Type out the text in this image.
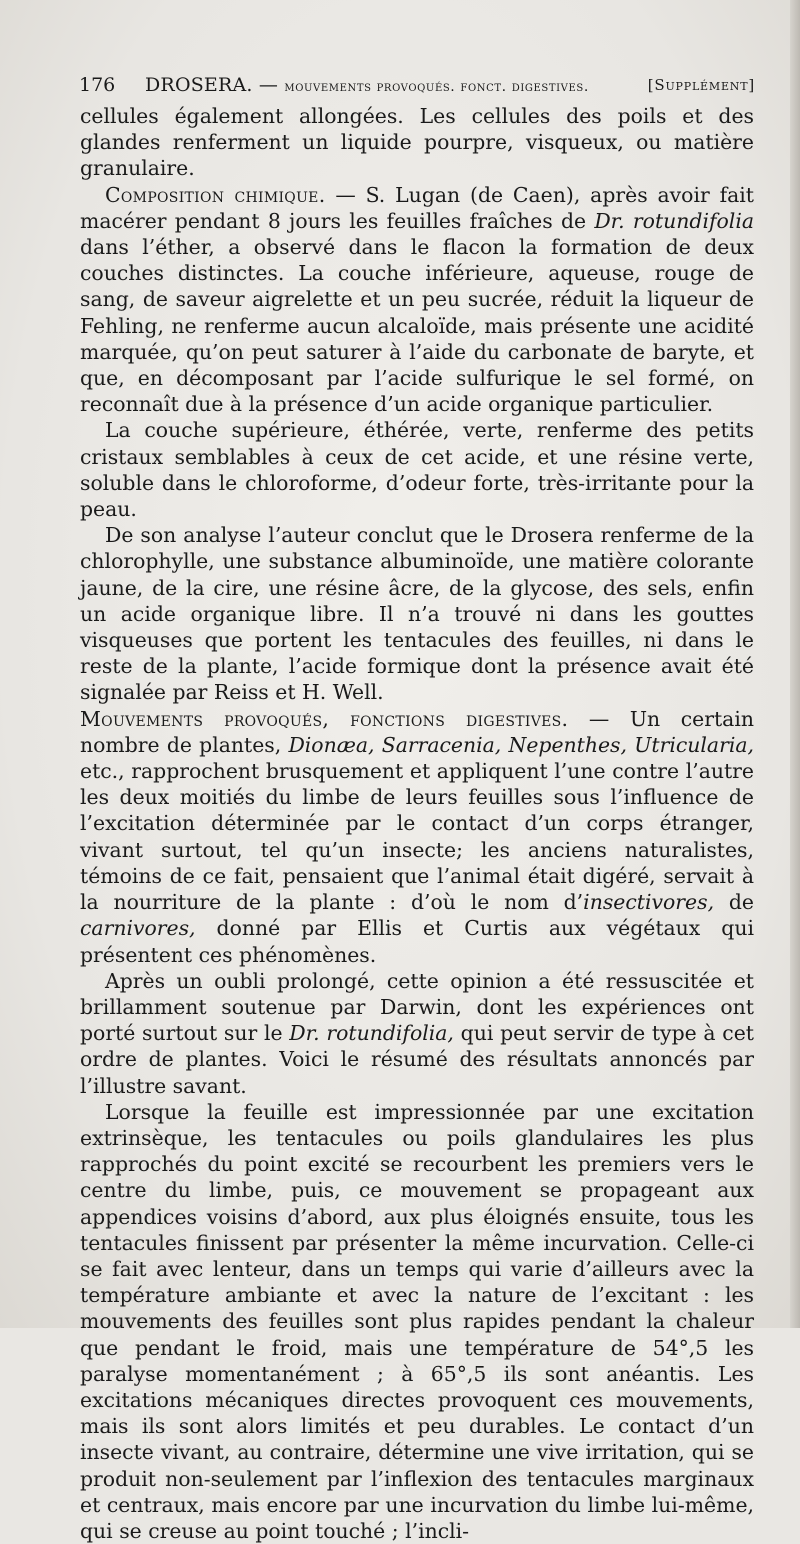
176 DROSERA. — mouvements provoqués. fonct. digestives.	[Supplément]

cellules également allongées. Les cellules des poils et des glandes renferment un liquide pourpre, visqueux, ou matière granulaire.

Composition chimique. — S. Lugan (de Caen), après avoir fait macérer pendant 8 jours les feuilles fraîches de Dr. rotundifolia dans l’éther, a observé dans le flacon la formation de deux couches distinctes. La couche inférieure, aqueuse, rouge de sang, de saveur aigrelette et un peu sucrée, réduit la liqueur de Fehling, ne renferme aucun alcaloïde, mais présente une acidité marquée, qu’on peut saturer à l’aide du carbonate de baryte, et que, en décomposant par l’acide sulfurique le sel formé, on reconnaît due à la présence d’un acide organique particulier.

La couche supérieure, éthérée, verte, renferme des petits cristaux semblables à ceux de cet acide, et une résine verte, soluble dans le chloroforme, d’odeur forte, très-irritante pour la peau.

De son analyse l’auteur conclut que le Drosera renferme de la chlorophylle, une substance albuminoïde, une matière colorante jaune, de la cire, une résine âcre, de la glycose, des sels, enfin un acide organique libre. Il n’a trouvé ni dans les gouttes visqueuses que portent les tentacules des feuilles, ni dans le reste de la plante, l’acide formique dont la présence avait été signalée par Reiss et H. Well.

Mouvements provoqués, fonctions digestives. — Un certain nombre de plantes, Dionæa, Sarracenia, Nepenthes, Utricularia, etc., rapprochent brusquement et appliquent l’une contre l’autre les deux moitiés du limbe de leurs feuilles sous l’influence de l’excitation déterminée par le contact d’un corps étranger, vivant surtout, tel qu’un insecte; les anciens naturalistes, témoins de ce fait, pensaient que l’animal était digéré, servait à la nourriture de la plante : d’où le nom d’insectivores, de carnivores, donné par Ellis et Curtis aux végétaux qui présentent ces phénomènes.

Après un oubli prolongé, cette opinion a été ressuscitée et brillamment soutenue par Darwin, dont les expériences ont porté surtout sur le Dr. rotundifolia, qui peut servir de type à cet ordre de plantes. Voici le résumé des résultats annoncés par l’illustre savant.

Lorsque la feuille est impressionnée par une excitation extrinsèque, les tentacules ou poils glandulaires les plus rapprochés du point excité se recourbent les premiers vers le centre du limbe, puis, ce mouvement se propageant aux appendices voisins d’abord, aux plus éloignés ensuite, tous les tentacules finissent par présenter la même incurvation. Celle-ci se fait avec lenteur, dans un temps qui varie d’ailleurs avec la température ambiante et avec la nature de l’excitant : les mouvements des feuilles sont plus rapides pendant la chaleur que pendant le froid, mais une température de 54°,5 les paralyse momentanément ; à 65°,5 ils sont anéantis. Les excitations mécaniques directes provoquent ces mouvements, mais ils sont alors limités et peu durables. Le contact d’un insecte vivant, au contraire, détermine une vive irritation, qui se produit non-seulement par l’inflexion des tentacules marginaux et centraux, mais encore par une incurvation du limbe lui-même, qui se creuse au point touché ; l’incli-
